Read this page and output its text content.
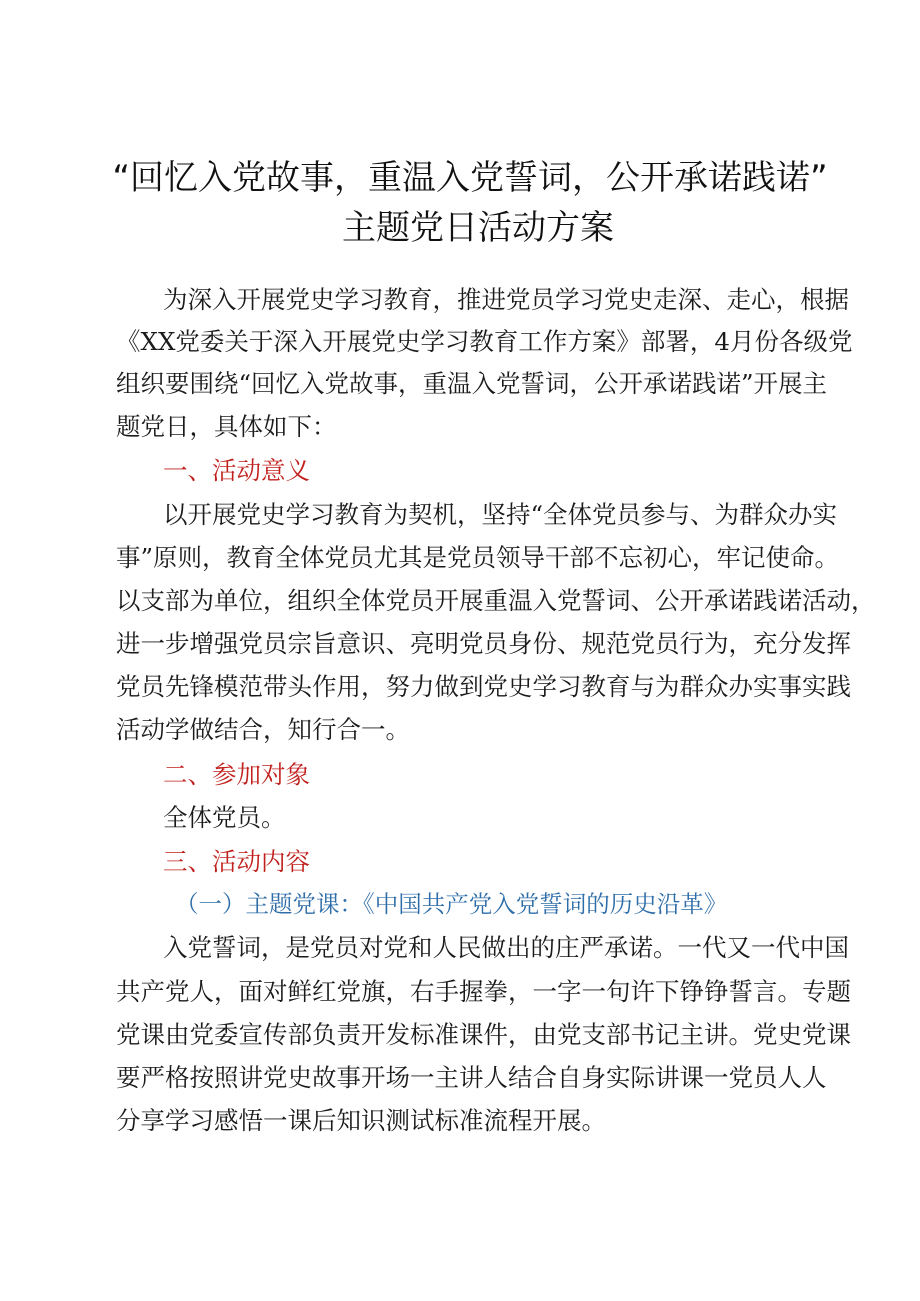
“回忆入党故事，重温入党誓词，公开承诺践诺”
主题党日活动方案
为深入开展党史学习教育，推进党员学习党史走深、走心，根据
《XX党委关于深入开展党史学习教育工作方案》部署，4月份各级党
组织要围绕“回忆入党故事，重温入党誓词，公开承诺践诺”开展主
题党日，具体如下：
一、活动意义
以开展党史学习教育为契机，坚持“全体党员参与、为群众办实
事”原则，教育全体党员尤其是党员领导干部不忘初心，牢记使命。
以支部为单位，组织全体党员开展重温入党誓词、公开承诺践诺活动，
进一步增强党员宗旨意识、亮明党员身份、规范党员行为，充分发挥
党员先锋模范带头作用，努力做到党史学习教育与为群众办实事实践
活动学做结合，知行合一。
二、参加对象
全体党员。
三、活动内容
（一）主题党课：《中国共产党入党誓词的历史沿革》
入党誓词，是党员对党和人民做出的庄严承诺。一代又一代中国
共产党人，面对鲜红党旗，右手握拳，一字一句许下铮铮誓言。专题
党课由党委宣传部负责开发标准课件，由党支部书记主讲。党史党课
要严格按照讲党史故事开场一主讲人结合自身实际讲课一党员人人
分享学习感悟一课后知识测试标准流程开展。
